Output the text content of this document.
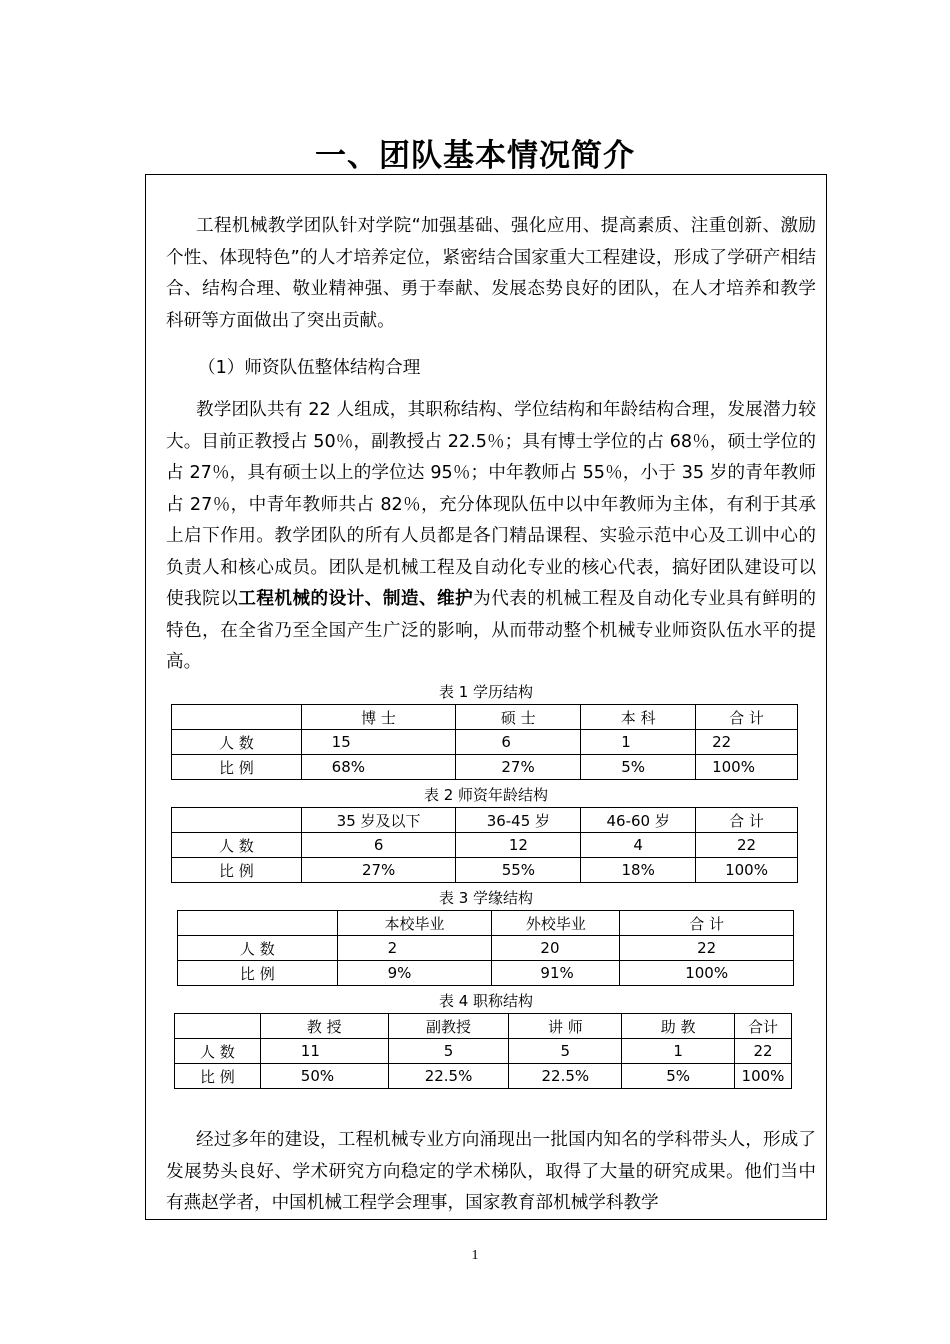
一、团队基本情况简介
工程机械教学团队针对学院“加强基础、强化应用、提高素质、注重创新、激励个性、体现特色”的人才培养定位，紧密结合国家重大工程建设，形成了学研产相结合、结构合理、敬业精神强、勇于奉献、发展态势良好的团队，在人才培养和教学科研等方面做出了突出贡献。
（1）师资队伍整体结构合理
教学团队共有 22 人组成，其职称结构、学位结构和年龄结构合理，发展潜力较大。目前正教授占 50％，副教授占 22.5％；具有博士学位的占 68％，硕士学位的占 27％，具有硕士以上的学位达 95％；中年教师占 55％，小于 35 岁的青年教师占 27％，中青年教师共占 82％，充分体现队伍中以中年教师为主体，有利于其承上启下作用。教学团队的所有人员都是各门精品课程、实验示范中心及工训中心的负责人和核心成员。团队是机械工程及自动化专业的核心代表，搞好团队建设可以使我院以工程机械的设计、制造、维护为代表的机械工程及自动化专业具有鲜明的特色，在全省乃至全国产生广泛的影响，从而带动整个机械专业师资队伍水平的提高。
表 1 学历结构
	博 士	硕 士	本 科	合 计
人 数	15	6	1	22
比 例	68%	27%	5%	100%
表 2 师资年龄结构
	35 岁及以下	36-45 岁	46-60 岁	合 计
人 数	6	12	4	22
比 例	27%	55%	18%	100%
表 3 学缘结构
	本校毕业	外校毕业	合 计
人 数	2	20	22
比 例	9%	91%	100%
表 4 职称结构
	教 授	副教授	讲 师	助 教	合计
人 数	11	5	5	1	22
比 例	50%	22.5%	22.5%	5%	100%
经过多年的建设，工程机械专业方向涌现出一批国内知名的学科带头人，形成了发展势头良好、学术研究方向稳定的学术梯队，取得了大量的研究成果。他们当中有燕赵学者，中国机械工程学会理事，国家教育部机械学科教学
1
